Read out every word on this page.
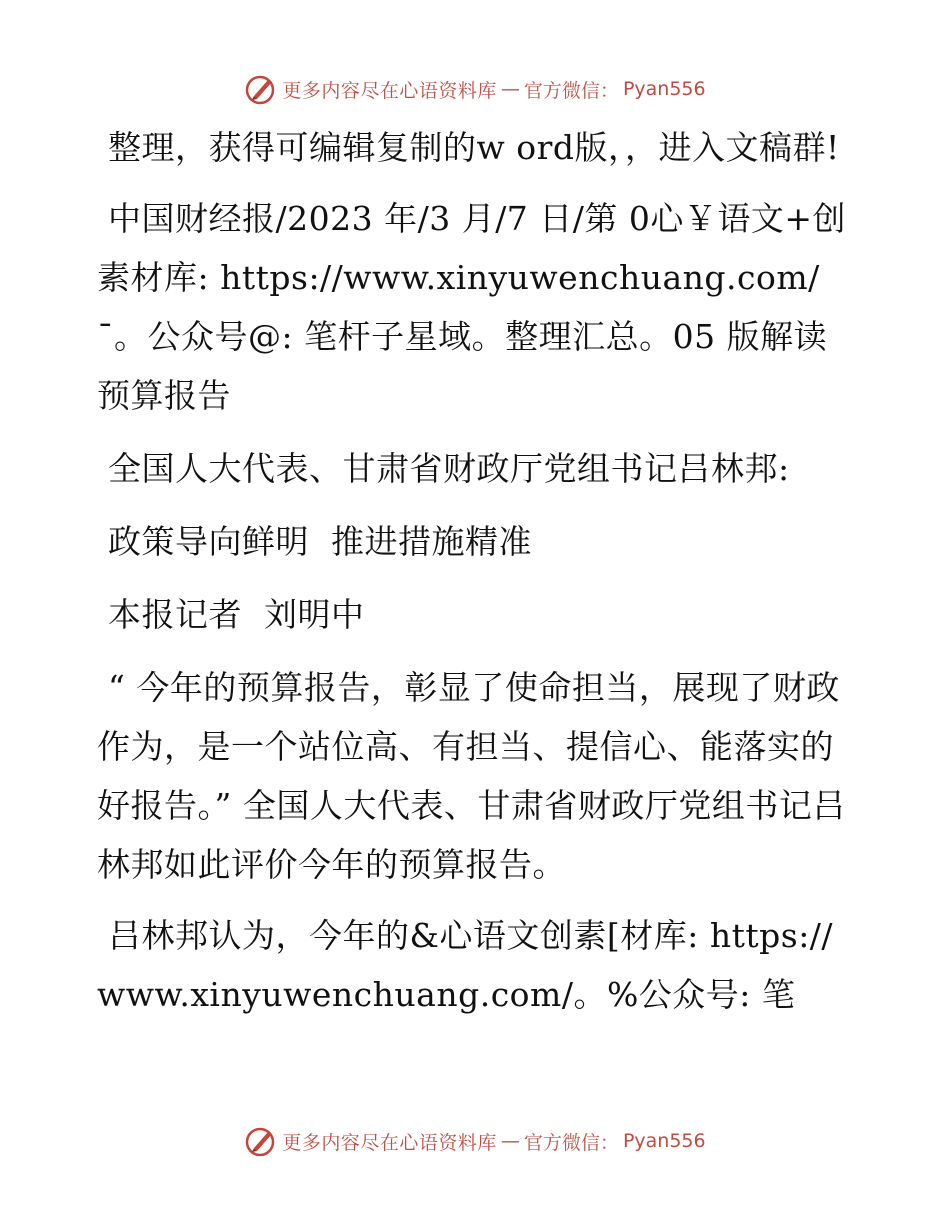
更多内容尽在心语资料库 — 官方微信： Pyan556

整理，获得可编辑复制的w ord版，，进入文稿群!

中国财经报/2023 年/3 月/7 日/第 0心￥语文+创素材库: https://www.xinyuwenchuang.com/¯。公众号@: 笔杆子星域。整理汇总。05 版解读预算报告

全国人大代表、甘肃省财政厅党组书记吕林邦:

政策导向鲜明  推进措施精准

本报记者  刘明中

“ 今年的预算报告，彰显了使命担当，展现了财政作为，是一个站位高、有担当、提信心、能落实的好报告。” 全国人大代表、甘肃省财政厅党组书记吕林邦如此评价今年的预算报告。

吕林邦认为，今年的&心语文创素[材库: https://www.xinyuwenchuang.com/。%公众号: 笔

更多内容尽在心语资料库 — 官方微信： Pyan556
